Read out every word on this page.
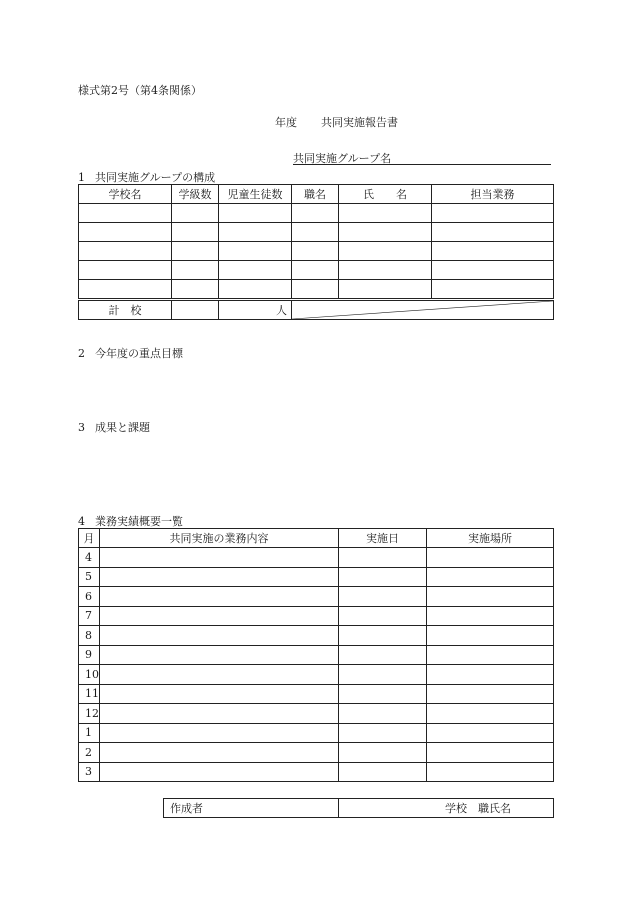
様式第2号（第4条関係）
年度 共同実施報告書
共同実施グループ名
1 共同実施グループの構成
学校名	学級数	児童生徒数	職名	氏　　名	担当業務

計　校		人	
2 今年度の重点目標
3 成果と課題
4 業務実績概要一覧
月	共同実施の業務内容	実施日	実施場所
4			
5			
6			
7			
8			
9			
10			
11			
12			
1			
2			
3			
作成者	学校　職氏名
